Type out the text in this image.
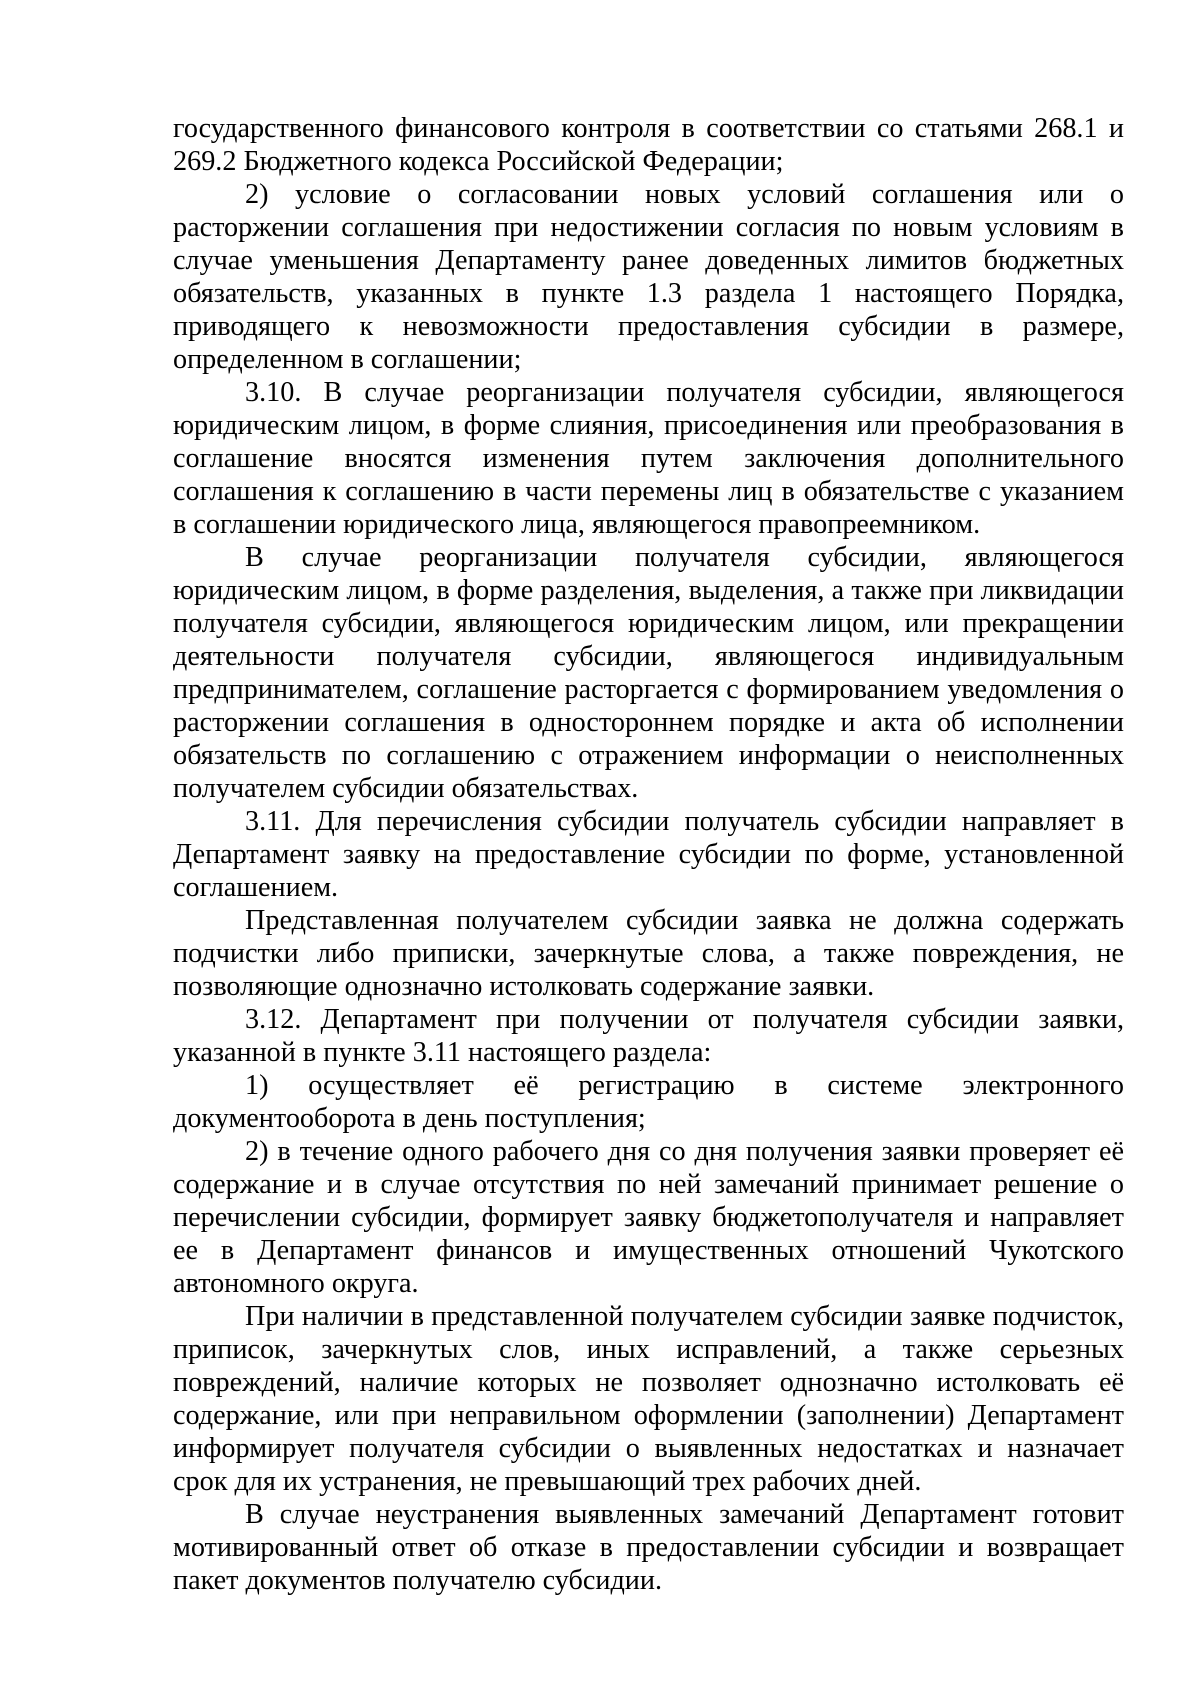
государственного финансового контроля в соответствии со статьями 268.1 и 269.2 Бюджетного кодекса Российской Федерации;

2) условие о согласовании новых условий соглашения или о расторжении соглашения при недостижении согласия по новым условиям в случае уменьшения Департаменту ранее доведенных лимитов бюджетных обязательств, указанных в пункте 1.3 раздела 1 настоящего Порядка, приводящего к невозможности предоставления субсидии в размере, определенном в соглашении;

3.10. В случае реорганизации получателя субсидии, являющегося юридическим лицом, в форме слияния, присоединения или преобразования в соглашение вносятся изменения путем заключения дополнительного соглашения к соглашению в части перемены лиц в обязательстве с указанием в соглашении юридического лица, являющегося правопреемником.

В случае реорганизации получателя субсидии, являющегося юридическим лицом, в форме разделения, выделения, а также при ликвидации получателя субсидии, являющегося юридическим лицом, или прекращении деятельности получателя субсидии, являющегося индивидуальным предпринимателем, соглашение расторгается с формированием уведомления о расторжении соглашения в одностороннем порядке и акта об исполнении обязательств по соглашению с отражением информации о неисполненных получателем субсидии обязательствах.

3.11. Для перечисления субсидии получатель субсидии направляет в Департамент заявку на предоставление субсидии по форме, установленной соглашением.

Представленная получателем субсидии заявка не должна содержать подчистки либо приписки, зачеркнутые слова, а также повреждения, не позволяющие однозначно истолковать содержание заявки.

3.12. Департамент при получении от получателя субсидии заявки, указанной в пункте 3.11 настоящего раздела:

1) осуществляет её регистрацию в системе электронного документооборота в день поступления;

2) в течение одного рабочего дня со дня получения заявки проверяет её содержание и в случае отсутствия по ней замечаний принимает решение о перечислении субсидии, формирует заявку бюджетополучателя и направляет ее в Департамент финансов и имущественных отношений Чукотского автономного округа.

При наличии в представленной получателем субсидии заявке подчисток, приписок, зачеркнутых слов, иных исправлений, а также серьезных повреждений, наличие которых не позволяет однозначно истолковать её содержание, или при неправильном оформлении (заполнении) Департамент информирует получателя субсидии о выявленных недостатках и назначает срок для их устранения, не превышающий трех рабочих дней.

В случае неустранения выявленных замечаний Департамент готовит мотивированный ответ об отказе в предоставлении субсидии и возвращает пакет документов получателю субсидии.
